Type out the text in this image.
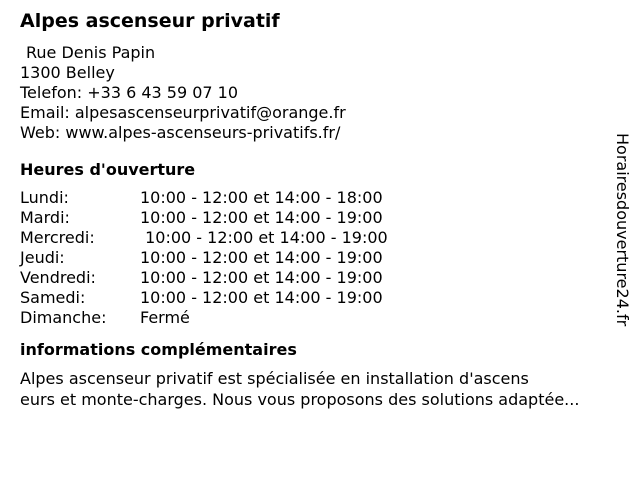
Alpes ascenseur privatif
Rue Denis Papin
1300 Belley
Telefon: +33 6 43 59 07 10
Email: alpesascenseurprivatif@orange.fr
Web: www.alpes-ascenseurs-privatifs.fr/
Heures d'ouverture
Lundi:	10:00 - 12:00 et 14:00 - 18:00
Mardi:	10:00 - 12:00 et 14:00 - 19:00
Mercredi:	10:00 - 12:00 et 14:00 - 19:00
Jeudi:	10:00 - 12:00 et 14:00 - 19:00
Vendredi:	10:00 - 12:00 et 14:00 - 19:00
Samedi:	10:00 - 12:00 et 14:00 - 19:00
Dimanche:	Fermé
informations complémentaires
Alpes ascenseur privatif est spécialisée en installation d'ascens
eurs et monte-charges. Nous vous proposons des solutions adaptée...
Horairesdouverture24.fr
